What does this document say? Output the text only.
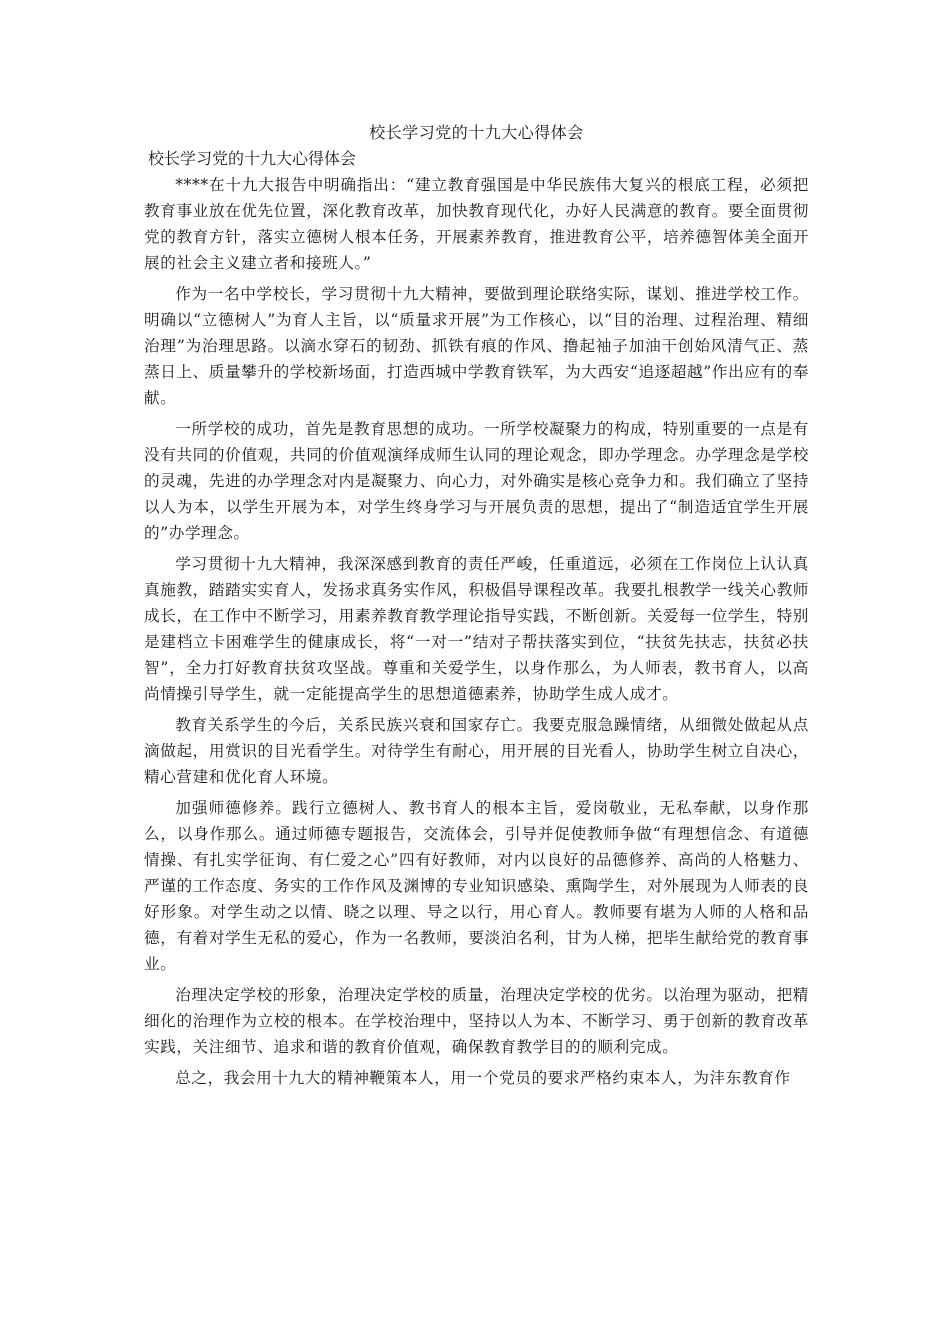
校长学习党的十九大心得体会

校长学习党的十九大心得体会

****在十九大报告中明确指出：“建立教育强国是中华民族伟大复兴的根底工程，必须把教育事业放在优先位置，深化教育改革，加快教育现代化，办好人民满意的教育。要全面贯彻党的教育方针，落实立德树人根本任务，开展素养教育，推进教育公平，培养德智体美全面开展的社会主义建立者和接班人。”

作为一名中学校长，学习贯彻十九大精神，要做到理论联络实际，谋划、推进学校工作。明确以“立德树人”为育人主旨，以“质量求开展”为工作核心，以“目的治理、过程治理、精细治理”为治理思路。以滴水穿石的韧劲、抓铁有痕的作风、撸起袖子加油干创始风清气正、蒸蒸日上、质量攀升的学校新场面，打造西城中学教育铁军，为大西安“追逐超越”作出应有的奉献。

一所学校的成功，首先是教育思想的成功。一所学校凝聚力的构成，特别重要的一点是有没有共同的价值观，共同的价值观演绎成师生认同的理论观念，即办学理念。办学理念是学校的灵魂，先进的办学理念对内是凝聚力、向心力，对外确实是核心竞争力和。我们确立了坚持以人为本，以学生开展为本，对学生终身学习与开展负责的思想，提出了“制造适宜学生开展的”办学理念。

学习贯彻十九大精神，我深深感到教育的责任严峻，任重道远，必须在工作岗位上认认真真施教，踏踏实实育人，发扬求真务实作风，积极倡导课程改革。我要扎根教学一线关心教师成长，在工作中不断学习，用素养教育教学理论指导实践，不断创新。关爱每一位学生，特别是建档立卡困难学生的健康成长，将“一对一”结对子帮扶落实到位，“扶贫先扶志，扶贫必扶智”，全力打好教育扶贫攻坚战。尊重和关爱学生，以身作那么，为人师表，教书育人，以高尚情操引导学生，就一定能提高学生的思想道德素养，协助学生成人成才。

教育关系学生的今后，关系民族兴衰和国家存亡。我要克服急躁情绪，从细微处做起从点滴做起，用赏识的目光看学生。对待学生有耐心，用开展的目光看人，协助学生树立自决心，精心营建和优化育人环境。

加强师德修养。践行立德树人、教书育人的根本主旨，爱岗敬业，无私奉献，以身作那么，以身作那么。通过师德专题报告，交流体会，引导并促使教师争做“有理想信念、有道德情操、有扎实学征询、有仁爱之心”四有好教师，对内以良好的品德修养、高尚的人格魅力、严谨的工作态度、务实的工作作风及渊博的专业知识感染、熏陶学生，对外展现为人师表的良好形象。对学生动之以情、晓之以理、导之以行，用心育人。教师要有堪为人师的人格和品德，有着对学生无私的爱心，作为一名教师，要淡泊名利，甘为人梯，把毕生献给党的教育事业。

治理决定学校的形象，治理决定学校的质量，治理决定学校的优劣。以治理为驱动，把精细化的治理作为立校的根本。在学校治理中，坚持以人为本、不断学习、勇于创新的教育改革实践，关注细节、追求和谐的教育价值观，确保教育教学目的的顺利完成。

总之，我会用十九大的精神鞭策本人，用一个党员的要求严格约束本人，为沣东教育作
